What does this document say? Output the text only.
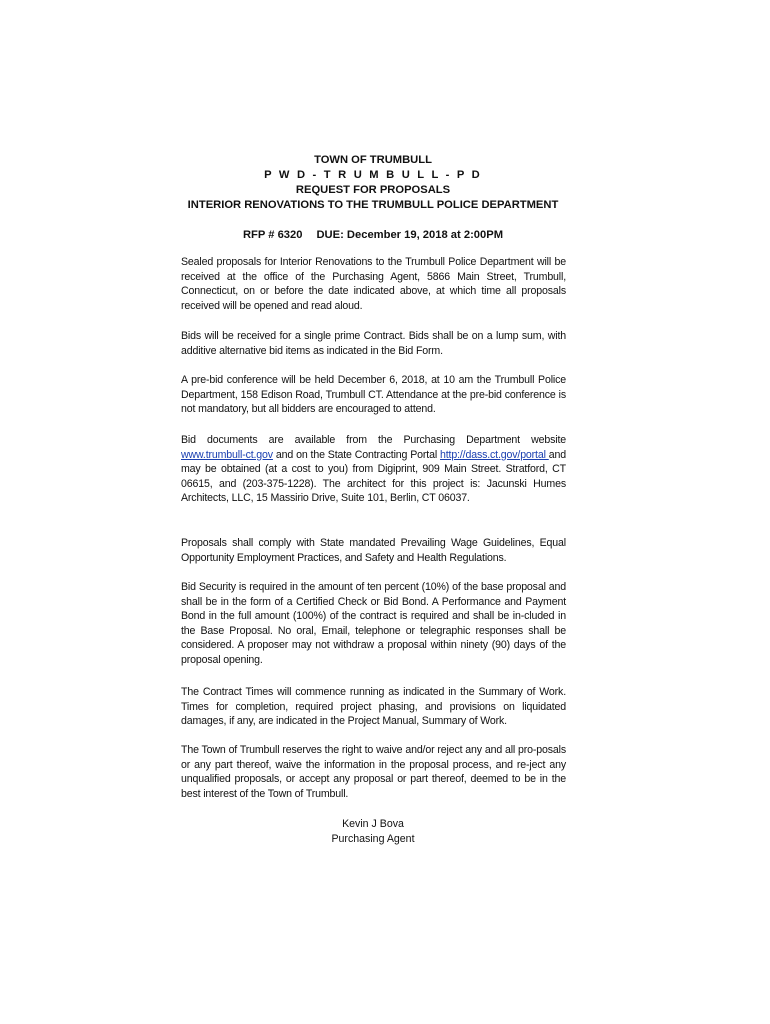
TOWN OF TRUMBULL
P W D - T R U M B U L L - P D
REQUEST FOR PROPOSALS
INTERIOR RENOVATIONS TO THE TRUMBULL POLICE DEPARTMENT
RFP # 6320 DUE: December 19, 2018 at 2:00PM
Sealed proposals for Interior Renovations to the Trumbull Police Department will be received at the office of the Purchasing Agent, 5866 Main Street, Trumbull, Connecticut, on or before the date indicated above, at which time all proposals received will be opened and read aloud.
Bids will be received for a single prime Contract. Bids shall be on a lump sum, with additive alternative bid items as indicated in the Bid Form.
A pre-bid conference will be held December 6, 2018, at 10 am the Trumbull Police Department, 158 Edison Road, Trumbull CT. Attendance at the pre-bid conference is not mandatory, but all bidders are encouraged to attend.
Bid documents are available from the Purchasing Department website www.trumbull-ct.gov and on the State Contracting Portal http://dass.ct.gov/portal and may be obtained (at a cost to you) from Digiprint, 909 Main Street. Stratford, CT 06615, and (203-375-1228). The architect for this project is: Jacunski Humes Architects, LLC, 15 Massirio Drive, Suite 101, Berlin, CT 06037.
Proposals shall comply with State mandated Prevailing Wage Guidelines, Equal Opportunity Employment Practices, and Safety and Health Regulations.
Bid Security is required in the amount of ten percent (10%) of the base proposal and shall be in the form of a Certified Check or Bid Bond. A Performance and Payment Bond in the full amount (100%) of the contract is required and shall be in-cluded in the Base Proposal. No oral, Email, telephone or telegraphic responses shall be considered. A proposer may not withdraw a proposal within ninety (90) days of the proposal opening.
The Contract Times will commence running as indicated in the Summary of Work. Times for completion, required project phasing, and provisions on liquidated damages, if any, are indicated in the Project Manual, Summary of Work.
The Town of Trumbull reserves the right to waive and/or reject any and all pro-posals or any part thereof, waive the information in the proposal process, and re-ject any unqualified proposals, or accept any proposal or part thereof, deemed to be in the best interest of the Town of Trumbull.
Kevin J Bova
Purchasing Agent
